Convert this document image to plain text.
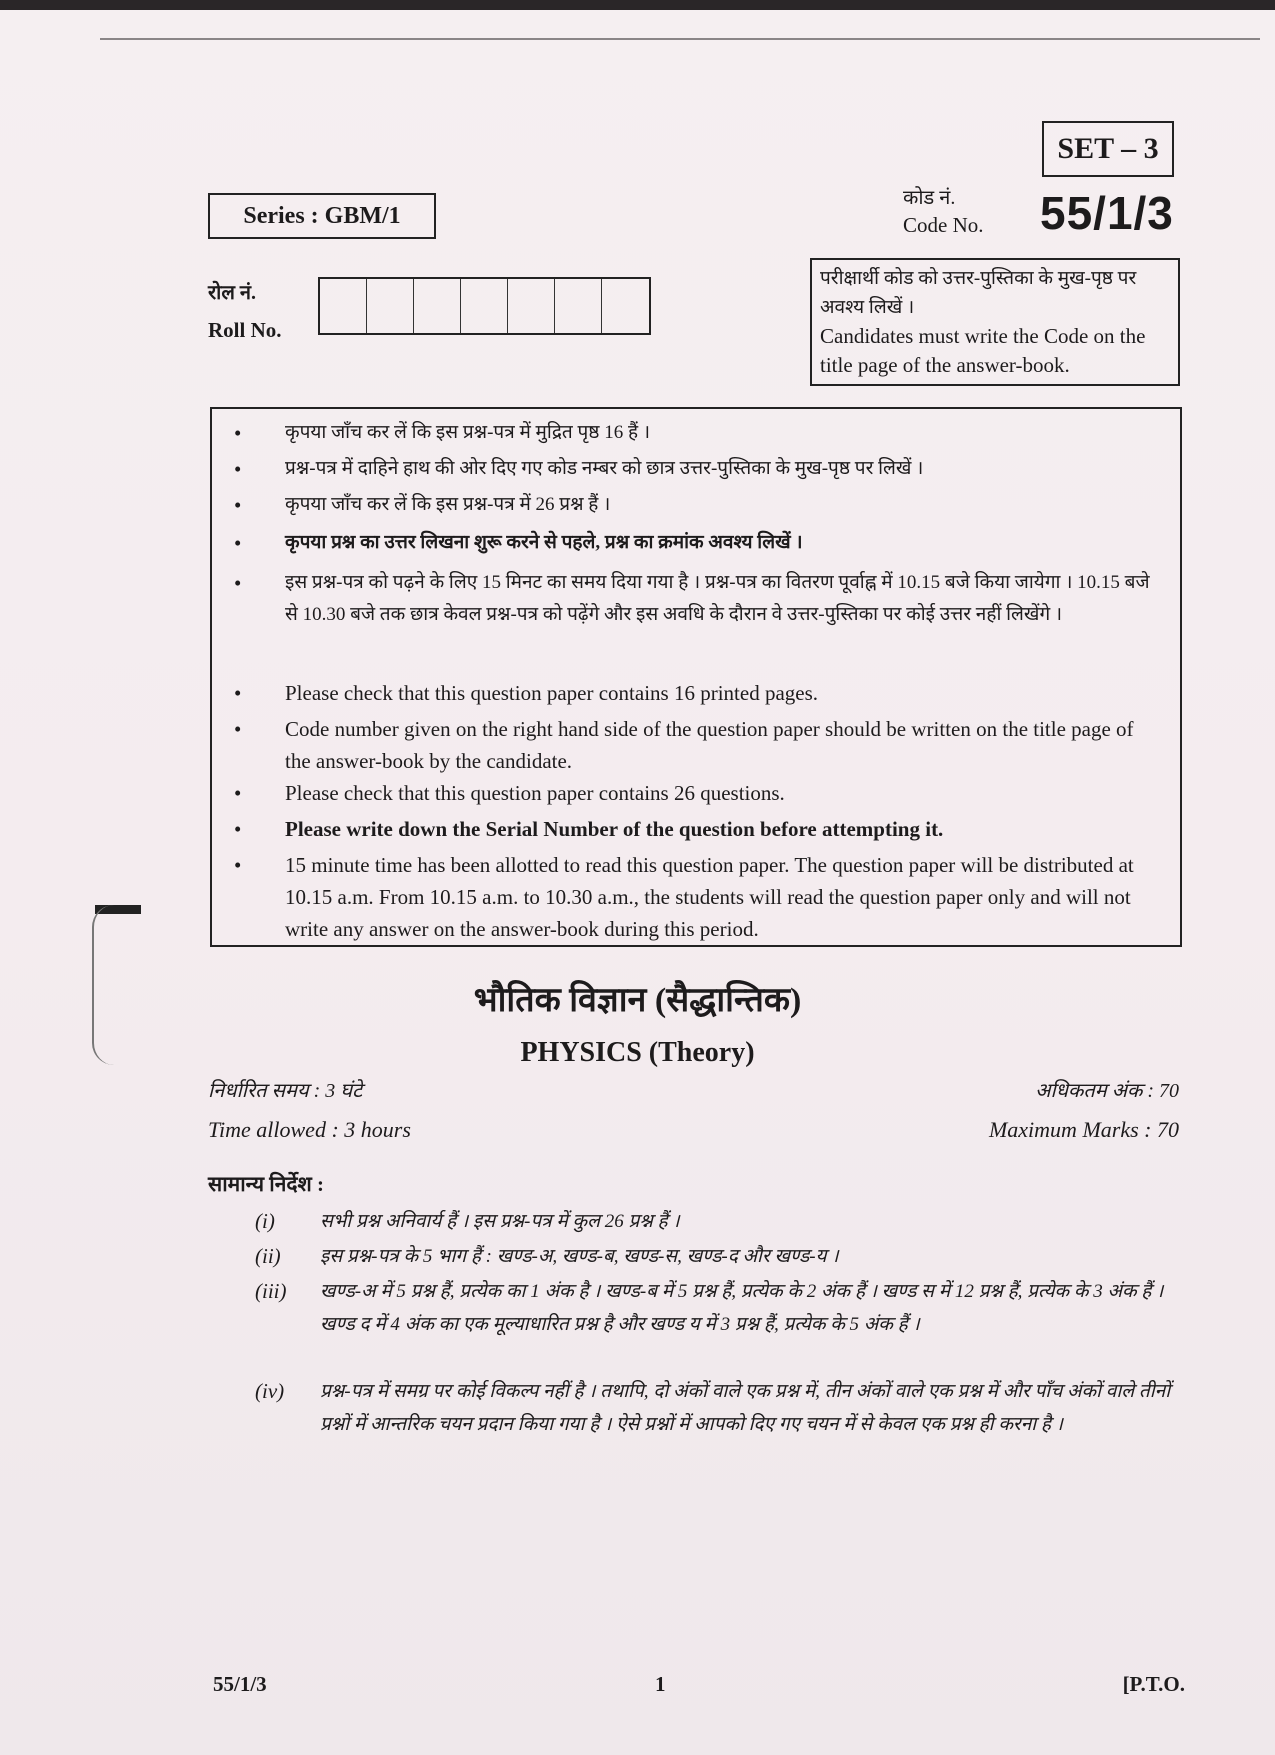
SET – 3
Series : GBM/1
कोड नं.
Code No. 55/1/3
रोल नं.
Roll No.
परीक्षार्थी कोड को उत्तर-पुस्तिका के मुख-पृष्ठ पर अवश्य लिखें ।
Candidates must write the Code on the title page of the answer-book.
•	कृपया जाँच कर लें कि इस प्रश्न-पत्र में मुद्रित पृष्ठ 16 हैं ।
•	प्रश्न-पत्र में दाहिने हाथ की ओर दिए गए कोड नम्बर को छात्र उत्तर-पुस्तिका के मुख-पृष्ठ पर लिखें ।
•	कृपया जाँच कर लें कि इस प्रश्न-पत्र में 26 प्रश्न हैं ।
•	कृपया प्रश्न का उत्तर लिखना शुरू करने से पहले, प्रश्न का क्रमांक अवश्य लिखें ।
•	इस प्रश्न-पत्र को पढ़ने के लिए 15 मिनट का समय दिया गया है । प्रश्न-पत्र का वितरण पूर्वाह्न में 10.15 बजे किया जायेगा । 10.15 बजे से 10.30 बजे तक छात्र केवल प्रश्न-पत्र को पढ़ेंगे और इस अवधि के दौरान वे उत्तर-पुस्तिका पर कोई उत्तर नहीं लिखेंगे ।
•	Please check that this question paper contains 16 printed pages.
•	Code number given on the right hand side of the question paper should be written on the title page of the answer-book by the candidate.
•	Please check that this question paper contains 26 questions.
•	Please write down the Serial Number of the question before attempting it.
•	15 minute time has been allotted to read this question paper. The question paper will be distributed at 10.15 a.m. From 10.15 a.m. to 10.30 a.m., the students will read the question paper only and will not write any answer on the answer-book during this period.
भौतिक विज्ञान (सैद्धान्तिक)
PHYSICS (Theory)
निर्धारित समय : 3 घंटे
Time allowed : 3 hours
अधिकतम अंक : 70
Maximum Marks : 70
सामान्य निर्देश :
(i)	सभी प्रश्न अनिवार्य हैं । इस प्रश्न-पत्र में कुल 26 प्रश्न हैं ।
(ii)	इस प्रश्न-पत्र के 5 भाग हैं : खण्ड-अ, खण्ड-ब, खण्ड-स, खण्ड-द और खण्ड-य ।
(iii)	खण्ड-अ में 5 प्रश्न हैं, प्रत्येक का 1 अंक है । खण्ड-ब में 5 प्रश्न हैं, प्रत्येक के 2 अंक हैं । खण्ड स में 12 प्रश्न हैं, प्रत्येक के 3 अंक हैं । खण्ड द में 4 अंक का एक मूल्याधारित प्रश्न है और खण्ड य में 3 प्रश्न हैं, प्रत्येक के 5 अंक हैं ।
(iv)	प्रश्न-पत्र में समग्र पर कोई विकल्प नहीं है । तथापि, दो अंकों वाले एक प्रश्न में, तीन अंकों वाले एक प्रश्न में और पाँच अंकों वाले तीनों प्रश्नों में आन्तरिक चयन प्रदान किया गया है । ऐसे प्रश्नों में आपको दिए गए चयन में से केवल एक प्रश्न ही करना है ।
55/1/3	1	[P.T.O.
